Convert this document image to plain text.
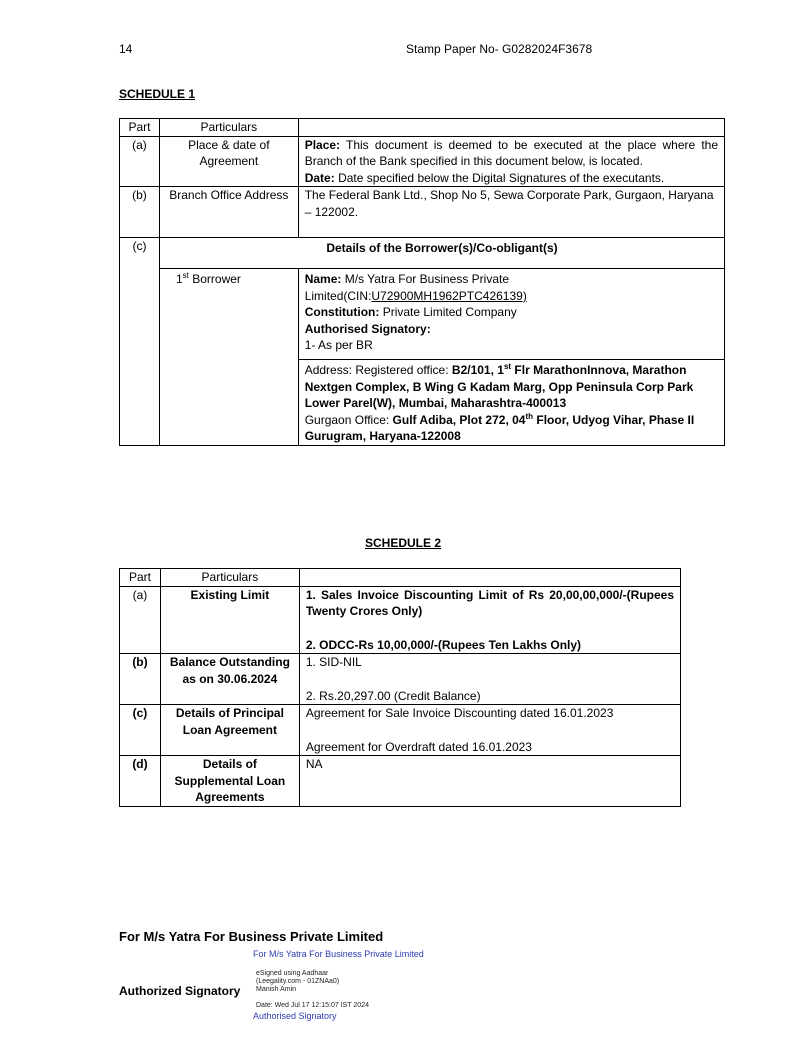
14	Stamp Paper No- G0282024F3678
SCHEDULE 1
Part	Particulars	
(a)	Place & date of Agreement	Place: This document is deemed to be executed at the place where the Branch of the Bank specified in this document below, is located.
Date: Date specified below the Digital Signatures of the executants.
(b)	Branch Office Address	The Federal Bank Ltd., Shop No 5, Sewa Corporate Park, Gurgaon, Haryana – 122002.
(c)	Details of the Borrower(s)/Co-obligant(s)	
	1st Borrower	Name: M/s Yatra For Business Private Limited(CIN:U72900MH1962PTC426139)
Constitution: Private Limited Company
Authorised Signatory:
1- As per BR
		Address: Registered office: B2/101, 1st Flr MarathonInnova, Marathon Nextgen Complex, B Wing G Kadam Marg, Opp Peninsula Corp Park Lower Parel(W), Mumbai, Maharashtra-400013
Gurgaon Office: Gulf Adiba, Plot 272, 04th Floor, Udyog Vihar, Phase II Gurugram, Haryana-122008
SCHEDULE 2
Part	Particulars	
(a)	Existing Limit	1. Sales Invoice Discounting Limit of Rs 20,00,00,000/-(Rupees Twenty Crores Only)
2. ODCC-Rs 10,00,000/-(Rupees Ten Lakhs Only)

(b)	Balance Outstanding as on 30.06.2024	1. SID-NIL
2. Rs.20,297.00 (Credit Balance)

(c)	Details of Principal Loan Agreement	Agreement for Sale Invoice Discounting dated 16.01.2023
Agreement for Overdraft dated 16.01.2023

(d)	Details of Supplemental Loan Agreements	NA
For M/s Yatra For Business Private Limited
For M/s Yatra For Business Private Limited
Authorized Signatory
eSigned using Aadhaar
(Leegality.com - 01ZNAa0)
Manish Amin
Date: Wed Jul 17 12:15:07 IST 2024
Authorised Signatory
